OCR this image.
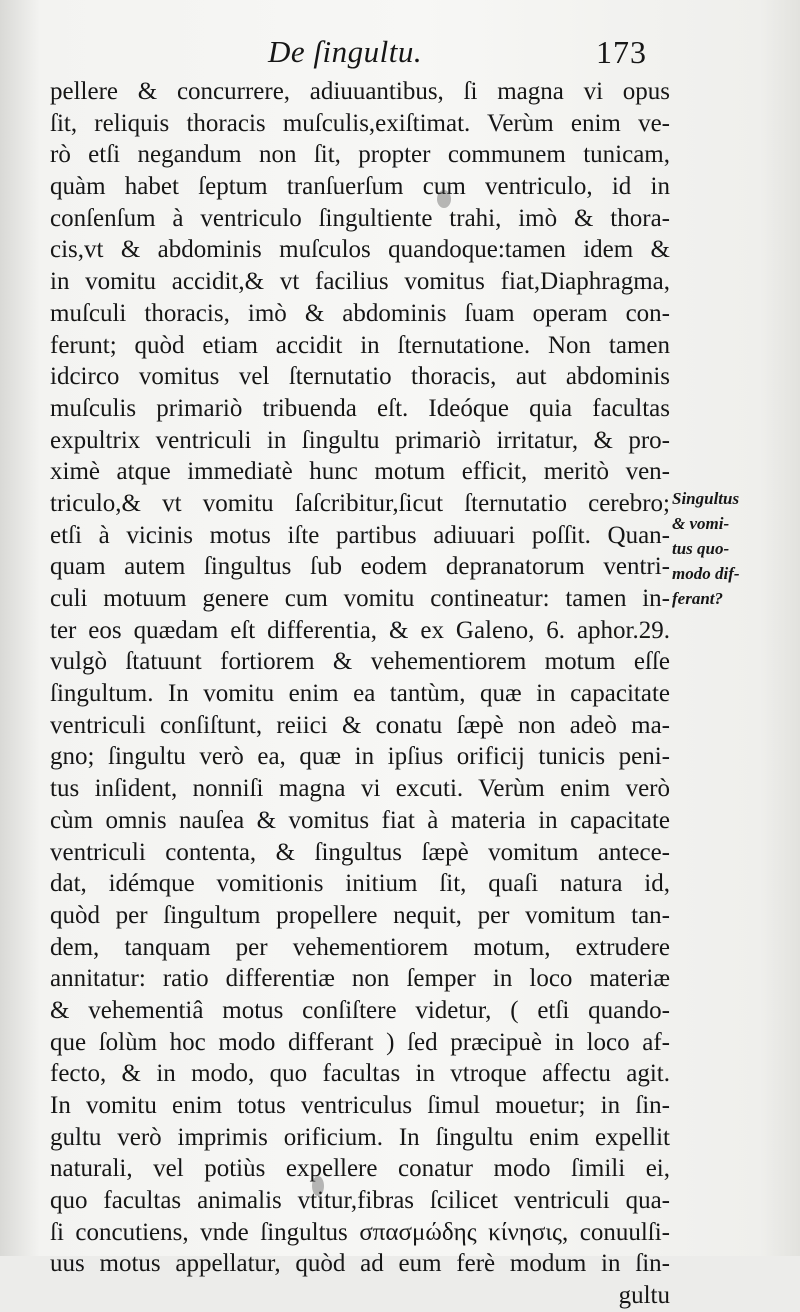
De ſingultu.	173
pellere & concurrere, adiuuantibus, ſi magna vi opus
ſit, reliquis thoracis muſculis,exiſtimat. Verùm enim ve-
rò etſi negandum non ſit, propter communem tunicam,
quàm habet ſeptum tranſuerſum cum ventriculo, id in
conſenſum à ventriculo ſingultiente trahi, imò & thora-
cis,vt & abdominis muſculos quandoque:tamen idem &
in vomitu accidit,& vt facilius vomitus fiat,Diaphragma,
muſculi thoracis, imò & abdominis ſuam operam con-
ferunt; quòd etiam accidit in ſternutatione. Non tamen
idcirco vomitus vel ſternutatio thoracis, aut abdominis
muſculis primariò tribuenda eſt. Ideóque quia facultas
expultrix ventriculi in ſingultu primariò irritatur, & pro-
ximè atque immediatè hunc motum efficit, meritò ven-
triculo,& vt vomitu ſaſcribitur,ſicut ſternutatio cerebro;
etſi à vicinis motus iſte partibus adiuuari poſſit. Quan-
quam autem ſingultus ſub eodem depranatorum ventri-
culi motuum genere cum vomitu contineatur: tamen in-
ter eos quædam eſt differentia, & ex Galeno, 6. aphor.29.
vulgò ſtatuunt fortiorem & vehementiorem motum eſſe
ſingultum. In vomitu enim ea tantùm, quæ in capacitate
ventriculi conſiſtunt, reiici & conatu ſæpè non adeò ma-
gno; ſingultu verò ea, quæ in ipſius orificij tunicis peni-
tus inſident, nonniſi magna vi excuti. Verùm enim verò
cùm omnis nauſea & vomitus fiat à materia in capacitate
ventriculi contenta, & ſingultus ſæpè vomitum antece-
dat, idémque vomitionis initium ſit, quaſi natura id,
quòd per ſingultum propellere nequit, per vomitum tan-
dem, tanquam per vehementiorem motum, extrudere
annitatur: ratio differentiæ non ſemper in loco materiæ
& vehementiâ motus conſiſtere videtur, ( etſi quando-
que ſolùm hoc modo differant ) ſed præcipuè in loco af-
fecto, & in modo, quo facultas in vtroque affectu agit.
In vomitu enim totus ventriculus ſimul mouetur; in ſin-
gultu verò imprimis orificium. In ſingultu enim expellit
naturali, vel potiùs expellere conatur modo ſimili ei,
quo facultas animalis vtitur,fibras ſcilicet ventriculi qua-
ſi concutiens, vnde ſingultus σπασμώδης κίνησις, conuulſi-
uus motus appellatur, quòd ad eum ferè modum in ſin-
gultu
Singultus
& vomi-
tus quo-
modo dif-
ferant?
